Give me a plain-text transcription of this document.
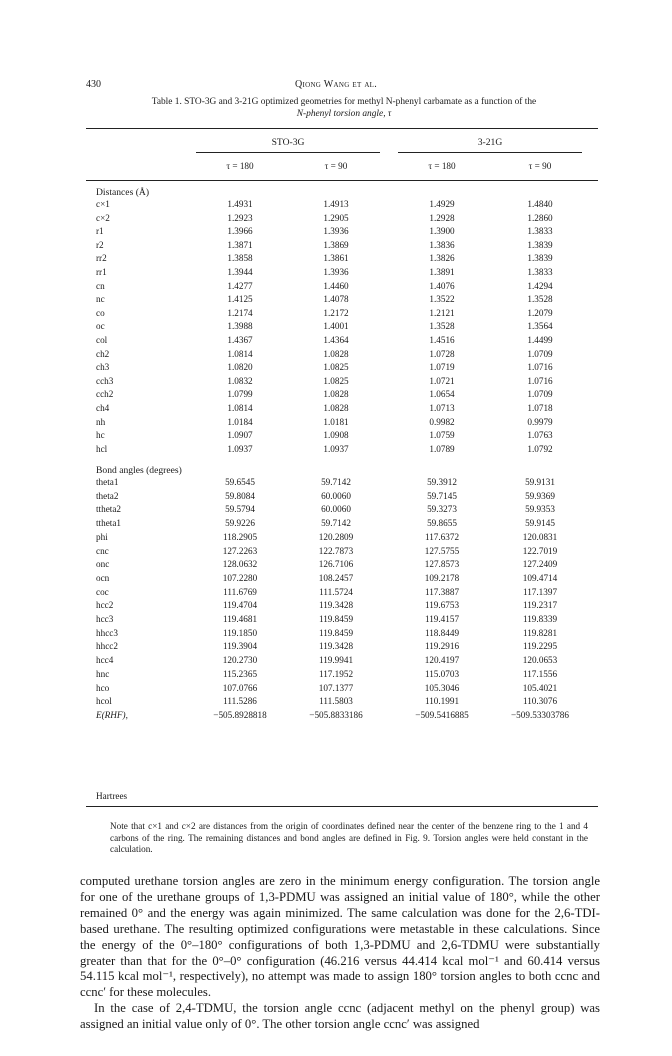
430	Qiong Wang et al.
Table 1. STO-3G and 3-21G optimized geometries for methyl N-phenyl carbamate as a function of the
N-phenyl torsion angle, τ
STO-3G	3-21G
τ = 180	τ = 90	τ = 180	τ = 90
Distances (Å)
c×1	1.4931	1.4913	1.4929	1.4840
c×2	1.2923	1.2905	1.2928	1.2860
r1	1.3966	1.3936	1.3900	1.3833
r2	1.3871	1.3869	1.3836	1.3839
rr2	1.3858	1.3861	1.3826	1.3839
rr1	1.3944	1.3936	1.3891	1.3833
cn	1.4277	1.4460	1.4076	1.4294
nc	1.4125	1.4078	1.3522	1.3528
co	1.2174	1.2172	1.2121	1.2079
oc	1.3988	1.4001	1.3528	1.3564
col	1.4367	1.4364	1.4516	1.4499
ch2	1.0814	1.0828	1.0728	1.0709
ch3	1.0820	1.0825	1.0719	1.0716
cch3	1.0832	1.0825	1.0721	1.0716
cch2	1.0799	1.0828	1.0654	1.0709
ch4	1.0814	1.0828	1.0713	1.0718
nh	1.0184	1.0181	0.9982	0.9979
hc	1.0907	1.0908	1.0759	1.0763
hcl	1.0937	1.0937	1.0789	1.0792
Bond angles (degrees)
theta1	59.6545	59.7142	59.3912	59.9131
theta2	59.8084	60.0060	59.7145	59.9369
ttheta2	59.5794	60.0060	59.3273	59.9353
ttheta1	59.9226	59.7142	59.8655	59.9145
phi	118.2905	120.2809	117.6372	120.0831
cnc	127.2263	122.7873	127.5755	122.7019
onc	128.0632	126.7106	127.8573	127.2409
ocn	107.2280	108.2457	109.2178	109.4714
coc	111.6769	111.5724	117.3887	117.1397
hcc2	119.4704	119.3428	119.6753	119.2317
hcc3	119.4681	119.8459	119.4157	119.8339
hhcc3	119.1850	119.8459	118.8449	119.8281
hhcc2	119.3904	119.3428	119.2916	119.2295
hcc4	120.2730	119.9941	120.4197	120.0653
hnc	115.2365	117.1952	115.0703	117.1556
hco	107.0766	107.1377	105.3046	105.4021
hcol	111.5286	111.5803	110.1991	110.3076
E(RHF),	−505.8928818	−505.8833186	−509.5416885	−509.53303786
Hartrees
Note that c×1 and c×2 are distances from the origin of coordinates defined near the center of the benzene ring to the 1 and 4 carbons of the ring. The remaining distances and bond angles are defined in Fig. 9. Torsion angles were held constant in the calculation.

computed urethane torsion angles are zero in the minimum energy configuration. The torsion angle for one of the urethane groups of 1,3-PDMU was assigned an initial value of 180°, while the other remained 0° and the energy was again minimized. The same calculation was done for the 2,6-TDI-based urethane. The resulting optimized configurations were metastable in these calculations. Since the energy of the 0°–180° configurations of both 1,3-PDMU and 2,6-TDMU were substantially greater than that for the 0°–0° configuration (46.216 versus 44.414 kcal mol⁻¹ and 60.414 versus 54.115 kcal mol⁻¹, respectively), no attempt was made to assign 180° torsion angles to both ccnc and ccnc′ for these molecules.

In the case of 2,4-TDMU, the torsion angle ccnc (adjacent methyl on the phenyl group) was assigned an initial value only of 0°. The other torsion angle ccnc′ was assigned
